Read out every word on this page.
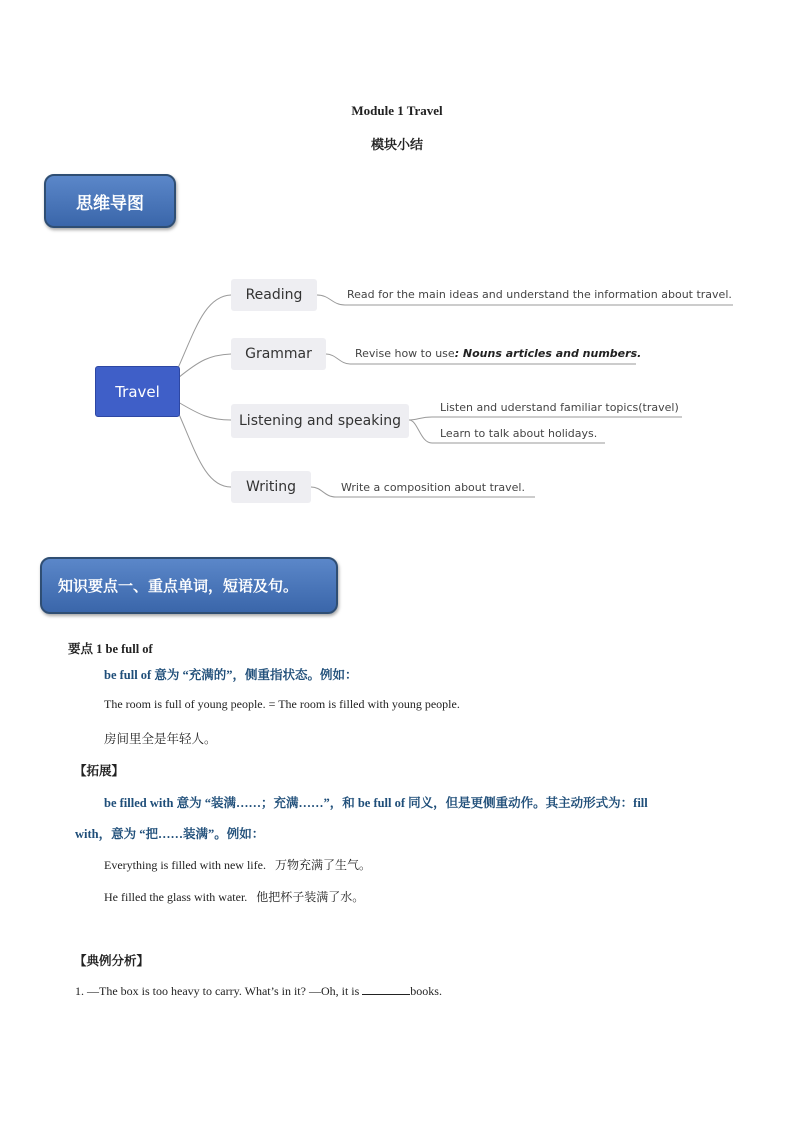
Module 1 Travel
模块小结
思维导图
Travel
Reading
Grammar
Listening and speaking
Writing
Read for the main ideas and understand the information about travel.
Revise how to use: Nouns articles and numbers.
Listen and uderstand familiar topics(travel)
Learn to talk about holidays.
Write a composition about travel.
知识要点一、重点单词，短语及句。
要点 1 be full of
be full of 意为 “充满的”，侧重指状态。例如：
The room is full of young people. = The room is filled with young people.
房间里全是年轻人。
【拓展】
be filled with 意为 “装满……；充满……”，和 be full of 同义，但是更侧重动作。其主动形式为：fill
with，意为 “把……装满”。例如：
Everything is filled with new life. 万物充满了生气。
He filled the glass with water. 他把杯子装满了水。
【典例分析】
1. —The box is too heavy to carry. What’s in it? —Oh, it is	books.
